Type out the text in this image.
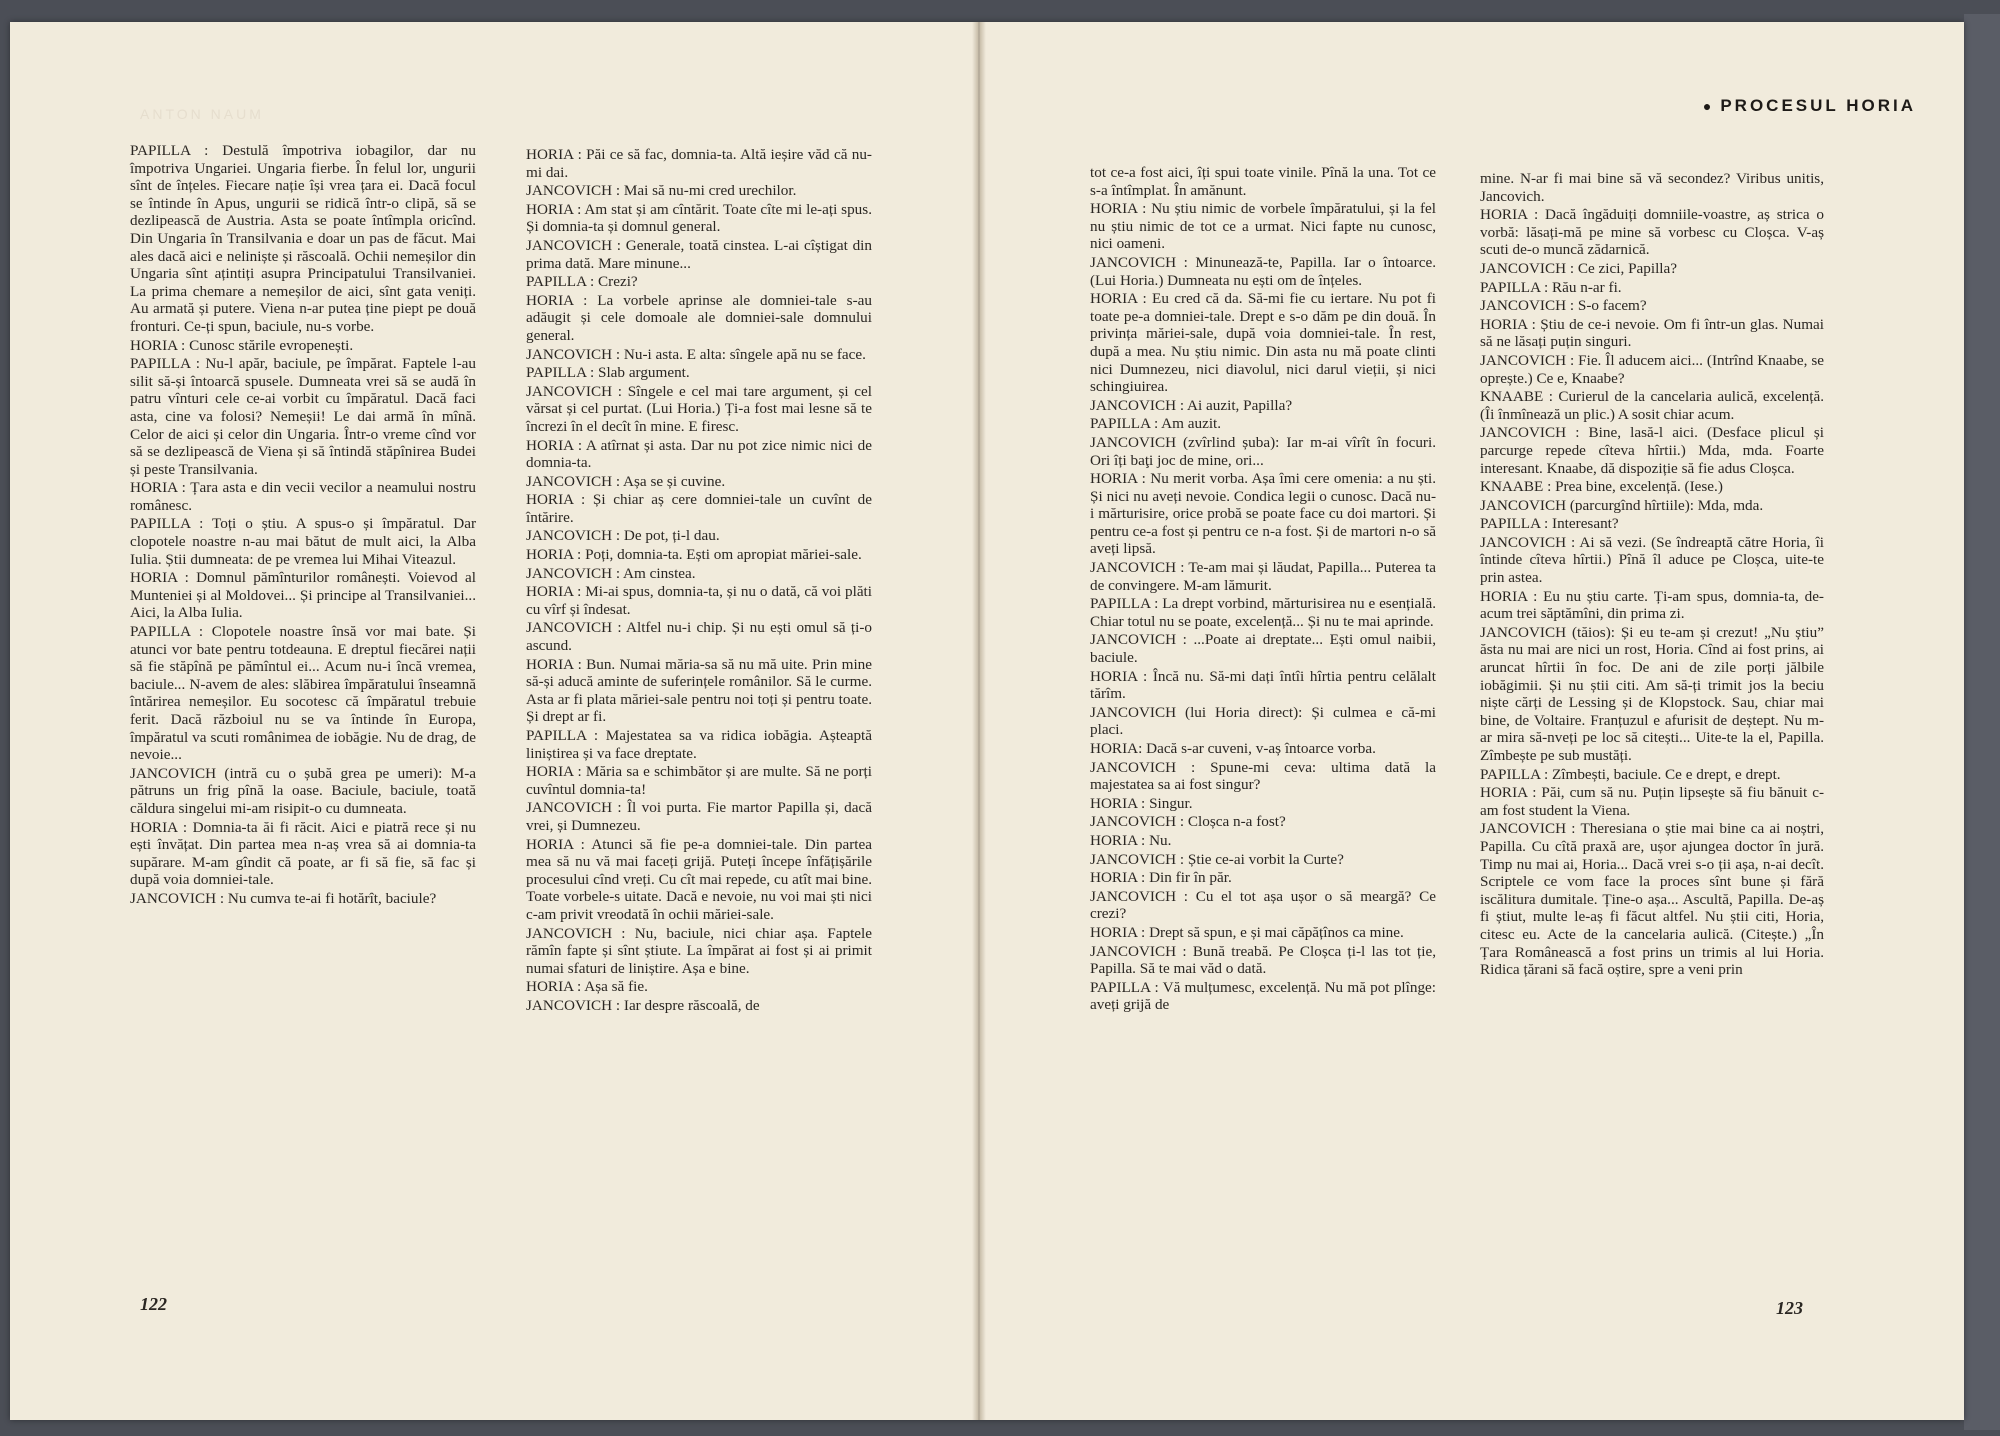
ANTON NAUM

PAPILLA : Destulă împotriva iobagilor, dar nu împotriva Ungariei. Ungaria fierbe. În felul lor, ungurii sînt de înțeles. Fiecare nație își vrea țara ei. Dacă focul se întinde în Apus, ungurii se ridică într-o clipă, să se dezlipească de Austria. Asta se poate întîmpla oricînd. Din Ungaria în Transilvania e doar un pas de făcut. Mai ales dacă aici e neliniște și răscoală. Ochii nemeșilor din Ungaria sînt ațintiți asupra Principatului Transilvaniei. La prima chemare a nemeșilor de aici, sînt gata veniți. Au armată și putere. Viena n-ar putea ține piept pe două fronturi. Ce-ți spun, baciule, nu-s vorbe.

HORIA : Cunosc stările evropenești.

PAPILLA : Nu-l apăr, baciule, pe împărat. Faptele l-au silit să-și întoarcă spusele. Dumneata vrei să se audă în patru vînturi cele ce-ai vorbit cu împăratul. Dacă faci asta, cine va folosi? Nemeșii! Le dai armă în mînă. Celor de aici și celor din Ungaria. Într-o vreme cînd vor să se dezlipească de Viena și să întindă stăpînirea Budei și peste Transilvania.

HORIA : Țara asta e din vecii vecilor a neamului nostru românesc.

PAPILLA : Toți o știu. A spus-o și împăratul. Dar clopotele noastre n-au mai bătut de mult aici, la Alba Iulia. Știi dumneata: de pe vremea lui Mihai Viteazul.

HORIA : Domnul pămînturilor românești. Voievod al Munteniei și al Moldovei... Și principe al Transilvaniei... Aici, la Alba Iulia.

PAPILLA : Clopotele noastre însă vor mai bate. Și atunci vor bate pentru totdeauna. E dreptul fiecărei nații să fie stăpînă pe pămîntul ei... Acum nu-i încă vremea, baciule... N-avem de ales: slăbirea împăratului înseamnă întărirea nemeșilor. Eu socotesc că împăratul trebuie ferit. Dacă războiul nu se va întinde în Europa, împăratul va scuti românimea de iobăgie. Nu de drag, de nevoie...

JANCOVICH (intră cu o șubă grea pe umeri): M-a pătruns un frig pînă la oase. Baciule, baciule, toată căldura singelui mi-am risipit-o cu dumneata.

HORIA : Domnia-ta ăi fi răcit. Aici e piatră rece și nu ești învățat. Din partea mea n-aș vrea să ai domnia-ta supărare. M-am gîndit că poate, ar fi să fie, să fac și după voia domniei-tale.

JANCOVICH : Nu cumva te-ai fi hotărît, baciule?

HORIA : Păi ce să fac, domnia-ta. Altă ieșire văd că nu-mi dai.

JANCOVICH : Mai să nu-mi cred urechilor.

HORIA : Am stat și am cîntărit. Toate cîte mi le-ați spus. Și domnia-ta și domnul general.

JANCOVICH : Generale, toată cinstea. L-ai cîștigat din prima dată. Mare minune...

PAPILLA : Crezi?

HORIA : La vorbele aprinse ale domniei-tale s-au adăugit și cele domoale ale domniei-sale domnului general.

JANCOVICH : Nu-i asta. E alta: sîngele apă nu se face.

PAPILLA : Slab argument.

JANCOVICH : Sîngele e cel mai tare argument, și cel vărsat și cel purtat. (Lui Horia.) Ți-a fost mai lesne să te încrezi în el decît în mine. E firesc.

HORIA : A atîrnat și asta. Dar nu pot zice nimic nici de domnia-ta.

JANCOVICH : Așa se și cuvine.

HORIA : Și chiar aș cere domniei-tale un cuvînt de întărire.

JANCOVICH : De pot, ți-l dau.

HORIA : Poți, domnia-ta. Ești om apropiat măriei-sale.

JANCOVICH : Am cinstea.

HORIA : Mi-ai spus, domnia-ta, și nu o dată, că voi plăti cu vîrf și îndesat.

JANCOVICH : Altfel nu-i chip. Și nu ești omul să ți-o ascund.

HORIA : Bun. Numai măria-sa să nu mă uite. Prin mine să-și aducă aminte de suferințele românilor. Să le curme. Asta ar fi plata măriei-sale pentru noi toți și pentru toate. Și drept ar fi.

PAPILLA : Majestatea sa va ridica iobăgia. Așteaptă liniștirea și va face dreptate.

HORIA : Măria sa e schimbător și are multe. Să ne porți cuvîntul domnia-ta!

JANCOVICH : Îl voi purta. Fie martor Papilla și, dacă vrei, și Dumnezeu.

HORIA : Atunci să fie pe-a domniei-tale. Din partea mea să nu vă mai faceți grijă. Puteți începe înfățișările procesului cînd vreți. Cu cît mai repede, cu atît mai bine. Toate vorbele-s uitate. Dacă e nevoie, nu voi mai ști nici c-am privit vreodată în ochii măriei-sale.

JANCOVICH : Nu, baciule, nici chiar așa. Faptele rămîn fapte și sînt știute. La împărat ai fost și ai primit numai sfaturi de liniștire. Așa e bine.

HORIA : Așa să fie.

JANCOVICH : Iar despre răscoală, de

122
● PROCESUL HORIA

tot ce-a fost aici, îți spui toate vinile. Pînă la una. Tot ce s-a întîmplat. În amănunt.

HORIA : Nu știu nimic de vorbele împăratului, și la fel nu știu nimic de tot ce a urmat. Nici fapte nu cunosc, nici oameni.

JANCOVICH : Minunează-te, Papilla. Iar o întoarce. (Lui Horia.) Dumneata nu ești om de înțeles.

HORIA : Eu cred că da. Să-mi fie cu iertare. Nu pot fi toate pe-a domniei-tale. Drept e s-o dăm pe din două. În privința măriei-sale, după voia domniei-tale. În rest, după a mea. Nu știu nimic. Din asta nu mă poate clinti nici Dumnezeu, nici diavolul, nici darul vieții, și nici schingiuirea.

JANCOVICH : Ai auzit, Papilla?

PAPILLA : Am auzit.

JANCOVICH (zvîrlind șuba): Iar m-ai vîrît în focuri. Ori îți baţi joc de mine, ori...

HORIA : Nu merit vorba. Așa îmi cere omenia: a nu ști. Și nici nu aveți nevoie. Condica legii o cunosc. Dacă nu-i mărturisire, orice probă se poate face cu doi martori. Și pentru ce-a fost și pentru ce n-a fost. Și de martori n-o să aveți lipsă.

JANCOVICH : Te-am mai și lăudat, Papilla... Puterea ta de convingere. M-am lămurit.

PAPILLA : La drept vorbind, mărturisirea nu e esențială. Chiar totul nu se poate, excelență... Și nu te mai aprinde.

JANCOVICH : ...Poate ai dreptate... Ești omul naibii, baciule.

HORIA : Încă nu. Să-mi dați întîi hîrtia pentru celălalt tărîm.

JANCOVICH (lui Horia direct): Și culmea e că-mi placi.

HORIA: Dacă s-ar cuveni, v-aș întoarce vorba.

JANCOVICH : Spune-mi ceva: ultima dată la majestatea sa ai fost singur?

HORIA : Singur.

JANCOVICH : Cloșca n-a fost?

HORIA : Nu.

JANCOVICH : Știe ce-ai vorbit la Curte?

HORIA : Din fir în păr.

JANCOVICH : Cu el tot așa ușor o să meargă? Ce crezi?

HORIA : Drept să spun, e și mai căpățînos ca mine.

JANCOVICH : Bună treabă. Pe Cloșca ți-l las tot ție, Papilla. Să te mai văd o dată.

PAPILLA : Vă mulțumesc, excelență. Nu mă pot plînge: aveți grijă de

mine. N-ar fi mai bine să vă secondez? Viribus unitis, Jancovich.

HORIA : Dacă îngăduiți domniile-voastre, aș strica o vorbă: lăsați-mă pe mine să vorbesc cu Cloșca. V-aș scuti de-o muncă zădarnică.

JANCOVICH : Ce zici, Papilla?

PAPILLA : Rău n-ar fi.

JANCOVICH : S-o facem?

HORIA : Știu de ce-i nevoie. Om fi într-un glas. Numai să ne lăsați puțin singuri.

JANCOVICH : Fie. Îl aducem aici... (Intrînd Knaabe, se oprește.) Ce e, Knaabe?

KNAABE : Curierul de la cancelaria aulică, excelență. (Îi înmînează un plic.) A sosit chiar acum.

JANCOVICH : Bine, lasă-l aici. (Desface plicul și parcurge repede cîteva hîrtii.) Mda, mda. Foarte interesant. Knaabe, dă dispoziție să fie adus Cloșca.

KNAABE : Prea bine, excelență. (Iese.)

JANCOVICH (parcurgînd hîrtiile): Mda, mda.

PAPILLA : Interesant?

JANCOVICH : Ai să vezi. (Se îndreaptă către Horia, îi întinde cîteva hîrtii.) Pînă îl aduce pe Cloșca, uite-te prin astea.

HORIA : Eu nu știu carte. Ți-am spus, domnia-ta, de-acum trei săptămîni, din prima zi.

JANCOVICH (tăios): Și eu te-am și crezut! „Nu știu” ăsta nu mai are nici un rost, Horia. Cînd ai fost prins, ai aruncat hîrtii în foc. De ani de zile porți jălbile iobăgimii. Și nu știi citi. Am să-ți trimit jos la beciu niște cărți de Lessing și de Klopstock. Sau, chiar mai bine, de Voltaire. Franțuzul e afurisit de deștept. Nu m-ar mira să-nveți pe loc să citești... Uite-te la el, Papilla. Zîmbește pe sub mustăți.

PAPILLA : Zîmbești, baciule. Ce e drept, e drept.

HORIA : Păi, cum să nu. Puțin lipsește să fiu bănuit c-am fost student la Viena.

JANCOVICH : Theresiana o știe mai bine ca ai noștri, Papilla. Cu cîtă praxă are, ușor ajungea doctor în jură. Timp nu mai ai, Horia... Dacă vrei s-o ții așa, n-ai decît. Scriptele ce vom face la proces sînt bune și fără iscălitura dumitale. Ține-o așa... Ascultă, Papilla. De-aș fi știut, multe le-aș fi făcut altfel. Nu știi citi, Horia, citesc eu. Acte de la cancelaria aulică. (Citește.) „În Țara Românească a fost prins un trimis al lui Horia. Ridica țărani să facă oștire, spre a veni prin

123
